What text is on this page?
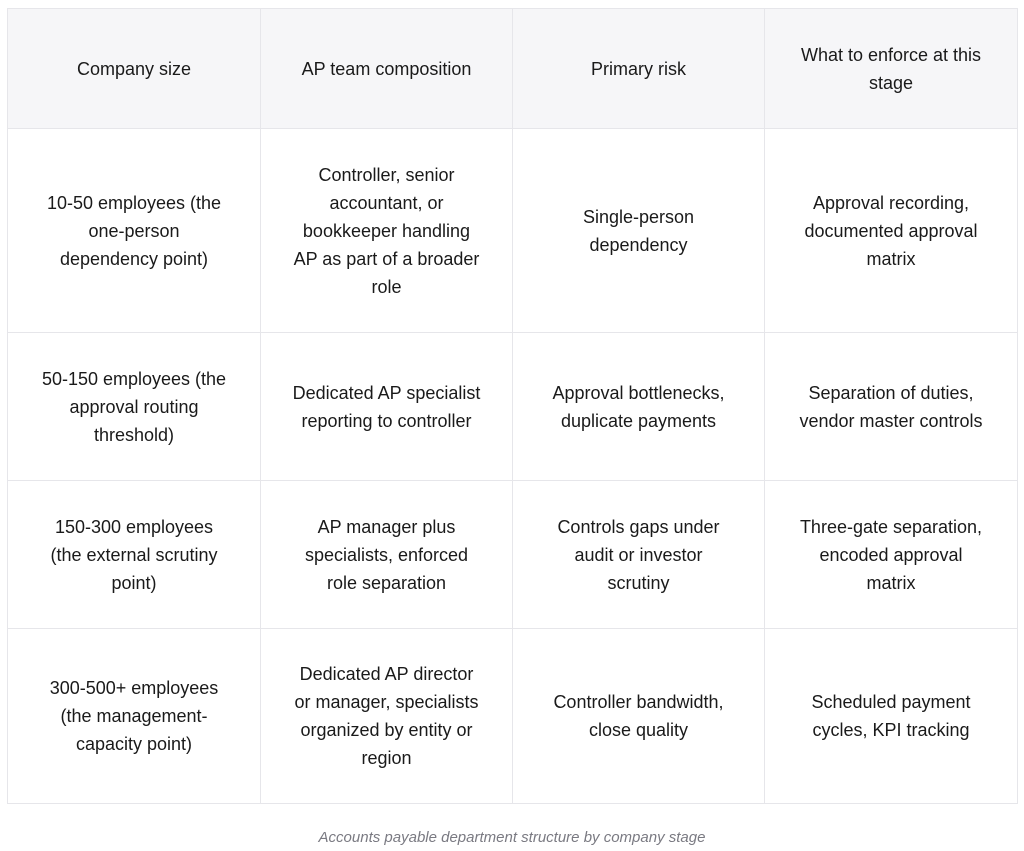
Company size	AP team composition	Primary risk	What to enforce at this stage
10-50 employees (the one-person dependency point)	Controller, senior accountant, or bookkeeper handling AP as part of a broader role	Single-person dependency	Approval recording, documented approval matrix
50-150 employees (the approval routing threshold)	Dedicated AP specialist reporting to controller	Approval bottlenecks, duplicate payments	Separation of duties, vendor master controls
150-300 employees (the external scrutiny point)	AP manager plus specialists, enforced role separation	Controls gaps under audit or investor scrutiny	Three-gate separation, encoded approval matrix
300-500+ employees (the management-capacity point)	Dedicated AP director or manager, specialists organized by entity or region	Controller bandwidth, close quality	Scheduled payment cycles, KPI tracking
Accounts payable department structure by company stage
